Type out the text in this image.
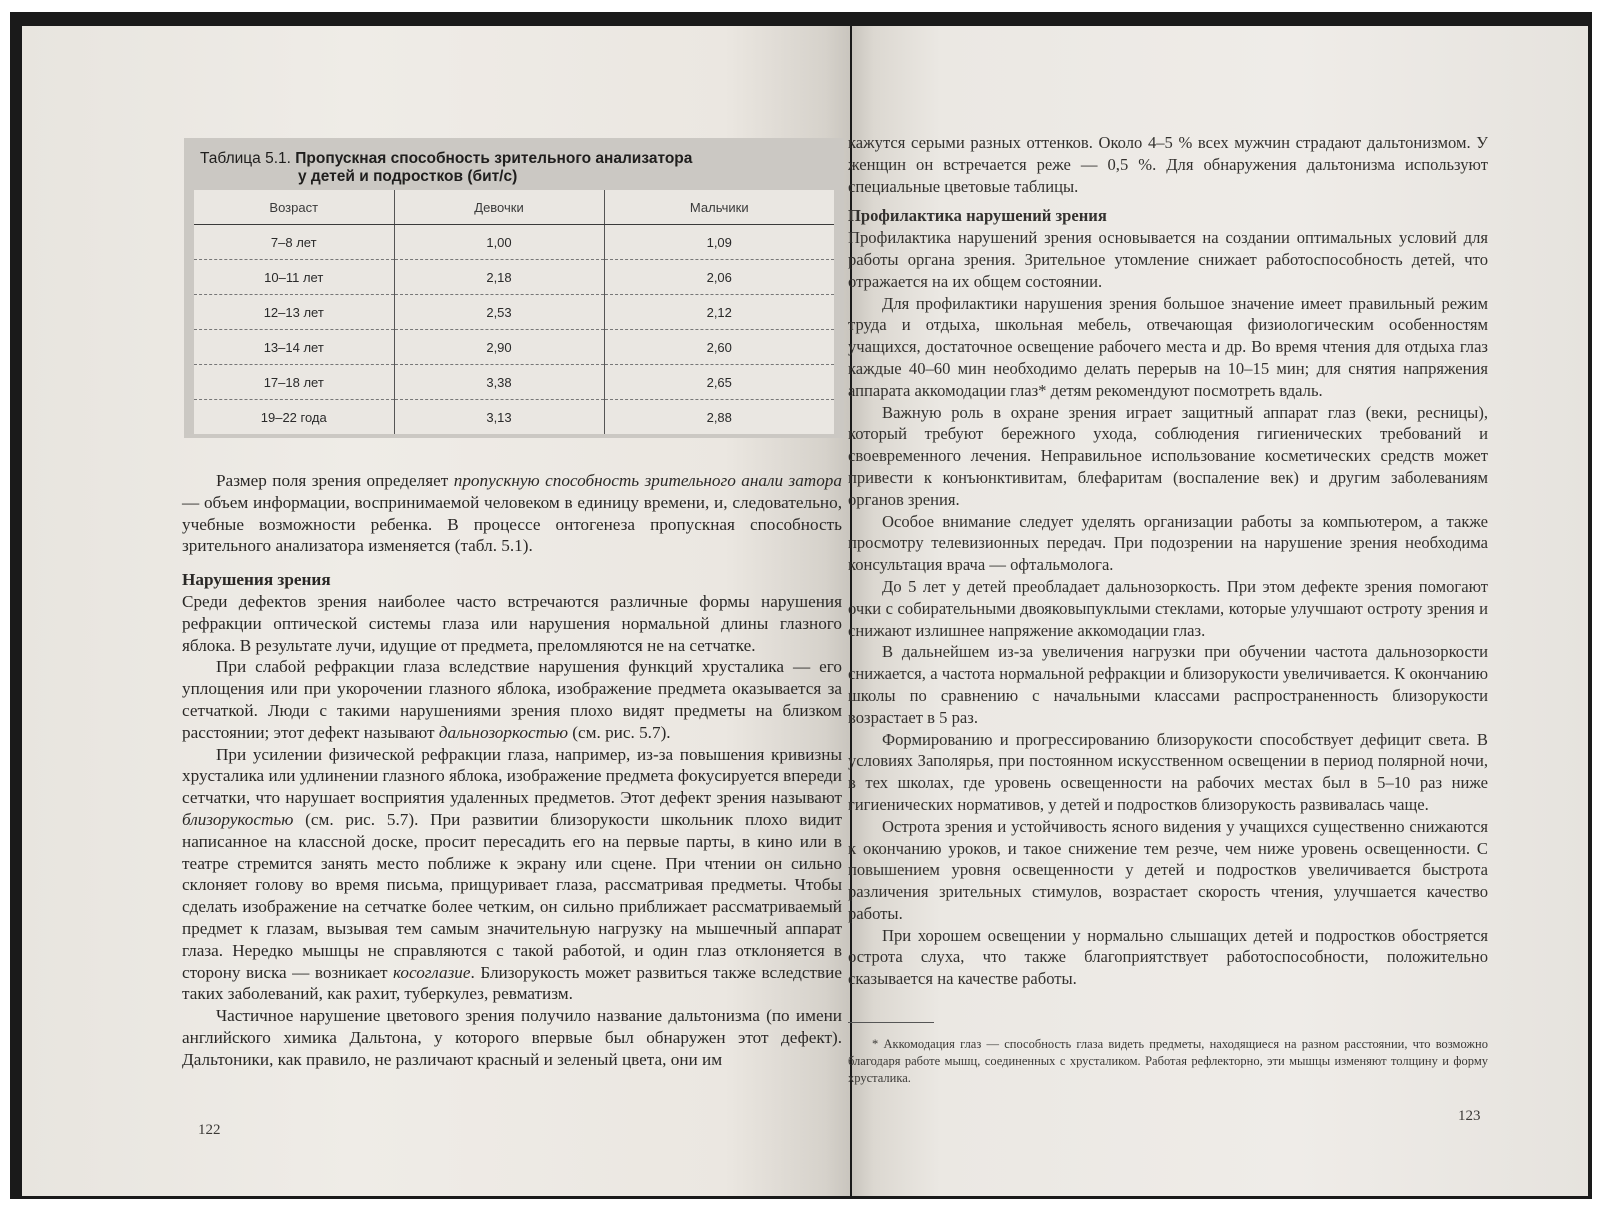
Таблица 5.1. Пропускная способность зрительного анализатора
у детей и подростков (бит/с)
Возраст	Девочки	Мальчики
7–8 лет	1,00	1,09
10–11 лет	2,18	2,06
12–13 лет	2,53	2,12
13–14 лет	2,90	2,60
17–18 лет	3,38	2,65
19–22 года	3,13	2,88

Размер поля зрения определяет пропускную способность зрительного анали затора — объем информации, воспринимаемой человеком в единицу времени, и, следовательно, учебные возможности ребенка. В процессе онтогенеза пропускная способность зрительного анализатора изменяется (табл. 5.1).

Нарушения зрения

Среди дефектов зрения наиболее часто встречаются различные формы нарушения рефракции оптической системы глаза или нарушения нормальной длины глазного яблока. В результате лучи, идущие от предмета, преломляются не на сетчатке.

При слабой рефракции глаза вследствие нарушения функций хрусталика — его уплощения или при укорочении глазного яблока, изображение предмета оказывается за сетчаткой. Люди с такими нарушениями зрения плохо видят предметы на близком расстоянии; этот дефект называют дальнозоркостью (см. рис. 5.7).

При усилении физической рефракции глаза, например, из-за повышения кривизны хрусталика или удлинении глазного яблока, изображение предмета фокусируется впереди сетчатки, что нарушает восприятия удаленных предметов. Этот дефект зрения называют близорукостью (см. рис. 5.7). При развитии близорукости школьник плохо видит написанное на классной доске, просит пересадить его на первые парты, в кино или в театре стремится занять место поближе к экрану или сцене. При чтении он сильно склоняет голову во время письма, прищуривает глаза, рассматривая предметы. Чтобы сделать изображение на сетчатке более четким, он сильно приближает рассматриваемый предмет к глазам, вызывая тем самым значительную нагрузку на мышечный аппарат глаза. Нередко мышцы не справляются с такой работой, и один глаз отклоняется в сторону виска — возникает косоглазие. Близорукость может развиться также вследствие таких заболеваний, как рахит, туберкулез, ревматизм.

Частичное нарушение цветового зрения получило название дальтонизма (по имени английского химика Дальтона, у которого впервые был обнаружен этот дефект). Дальтоники, как правило, не различают красный и зеленый цвета, они им

122

кажутся серыми разных оттенков. Около 4–5 % всех мужчин страдают дальтонизмом. У женщин он встречается реже — 0,5 %. Для обнаружения дальтонизма используют специальные цветовые таблицы.

Профилактика нарушений зрения

Профилактика нарушений зрения основывается на создании оптимальных условий для работы органа зрения. Зрительное утомление снижает работоспособность детей, что отражается на их общем состоянии.

Для профилактики нарушения зрения большое значение имеет правильный режим труда и отдыха, школьная мебель, отвечающая физиологическим особенностям учащихся, достаточное освещение рабочего места и др. Во время чтения для отдыха глаз каждые 40–60 мин необходимо делать перерыв на 10–15 мин; для снятия напряжения аппарата аккомодации глаз* детям рекомендуют посмотреть вдаль.

Важную роль в охране зрения играет защитный аппарат глаз (веки, ресницы), который требуют бережного ухода, соблюдения гигиенических требований и своевременного лечения. Неправильное использование косметических средств может привести к конъюнктивитам, блефаритам (воспаление век) и другим заболеваниям органов зрения.

Особое внимание следует уделять организации работы за компьютером, а также просмотру телевизионных передач. При подозрении на нарушение зрения необходима консультация врача — офтальмолога.

До 5 лет у детей преобладает дальнозоркость. При этом дефекте зрения помогают очки с собирательными двояковыпуклыми стеклами, которые улучшают остроту зрения и снижают излишнее напряжение аккомодации глаз.

В дальнейшем из-за увеличения нагрузки при обучении частота дальнозоркости снижается, а частота нормальной рефракции и близорукости увеличивается. К окончанию школы по сравнению с начальными классами распространенность близорукости возрастает в 5 раз.

Формированию и прогрессированию близорукости способствует дефицит света. В условиях Заполярья, при постоянном искусственном освещении в период полярной ночи, в тех школах, где уровень освещенности на рабочих местах был в 5–10 раз ниже гигиенических нормативов, у детей и подростков близорукость развивалась чаще.

Острота зрения и устойчивость ясного видения у учащихся существенно снижаются к окончанию уроков, и такое снижение тем резче, чем ниже уровень освещенности. С повышением уровня освещенности у детей и подростков увеличивается быстрота различения зрительных стимулов, возрастает скорость чтения, улучшается качество работы.

При хорошем освещении у нормально слышащих детей и подростков обостряется острота слуха, что также благоприятствует работоспособности, положительно сказывается на качестве работы.

* Аккомодация глаз — способность глаза видеть предметы, находящиеся на разном расстоянии, что возможно благодаря работе мышц, соединенных с хрусталиком. Работая рефлекторно, эти мышцы изменяют толщину и форму хрусталика.
123
